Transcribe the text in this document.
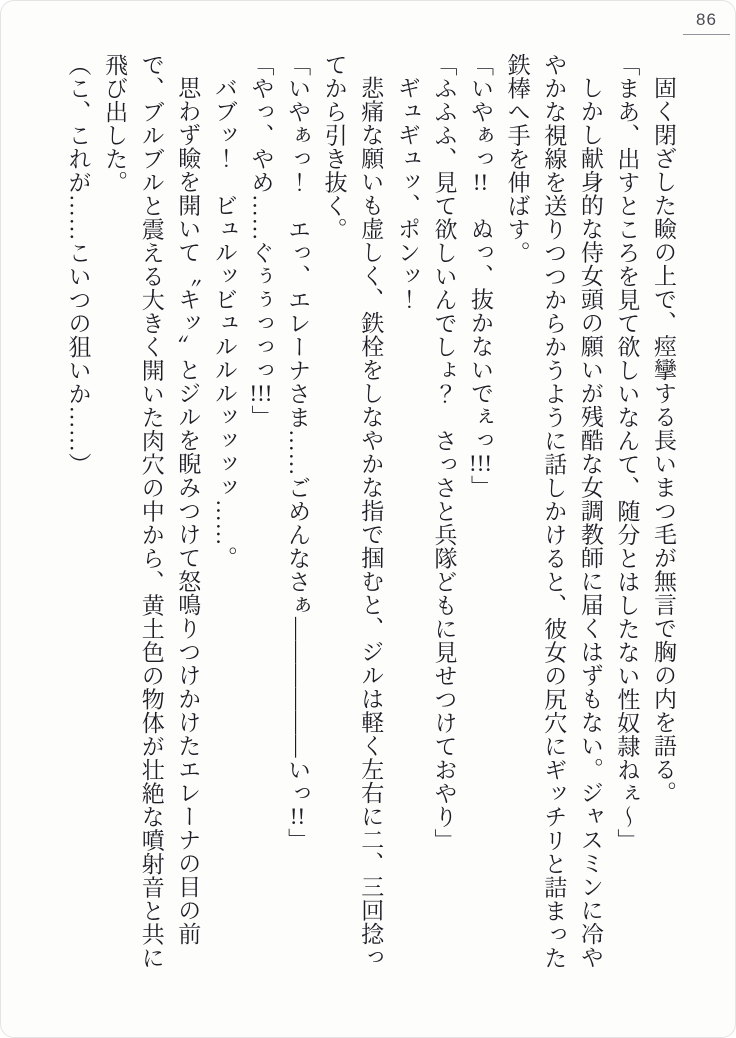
86

固く閉ざした瞼の上で、痙攣する長いまつ毛が無言で胸の内を語る。

「まあ、出すところを見て欲しいなんて、随分とはしたない性奴隷ねぇ〜」

しかし献身的な侍女頭の願いが残酷な女調教師に届くはずもない。ジャスミンに冷ややかな視線を送りつつからかうように話しかけると、彼女の尻穴にギッチリと詰まった鉄棒へ手を伸ばす。

「いやぁっ!!　ぬっ、抜かないでぇっ!!!」

「ふふふ、見て欲しいんでしょ？　さっさと兵隊どもに見せつけておやり」

ギュギュッ、ポンッ！

悲痛な願いも虚しく、鉄栓をしなやかな指で掴むと、ジルは軽く左右に二、三回捻ってから引き抜く。

「いやぁっ！　エっ、エレーナさま……ごめんなさぁ――――――いっ!!」

「やっ、やめ……ぐぅぅっっっ!!!」

バブッ！　ビュルッビュルルルッッッッ……。

思わず瞼を開いて〝キッ〟とジルを睨みつけて怒鳴りつけかけたエレーナの目の前で、ブルブルと震える大きく開いた肉穴の中から、黄土色の物体が壮絶な噴射音と共に飛び出した。

（こ、これが……こいつの狙いか……）
